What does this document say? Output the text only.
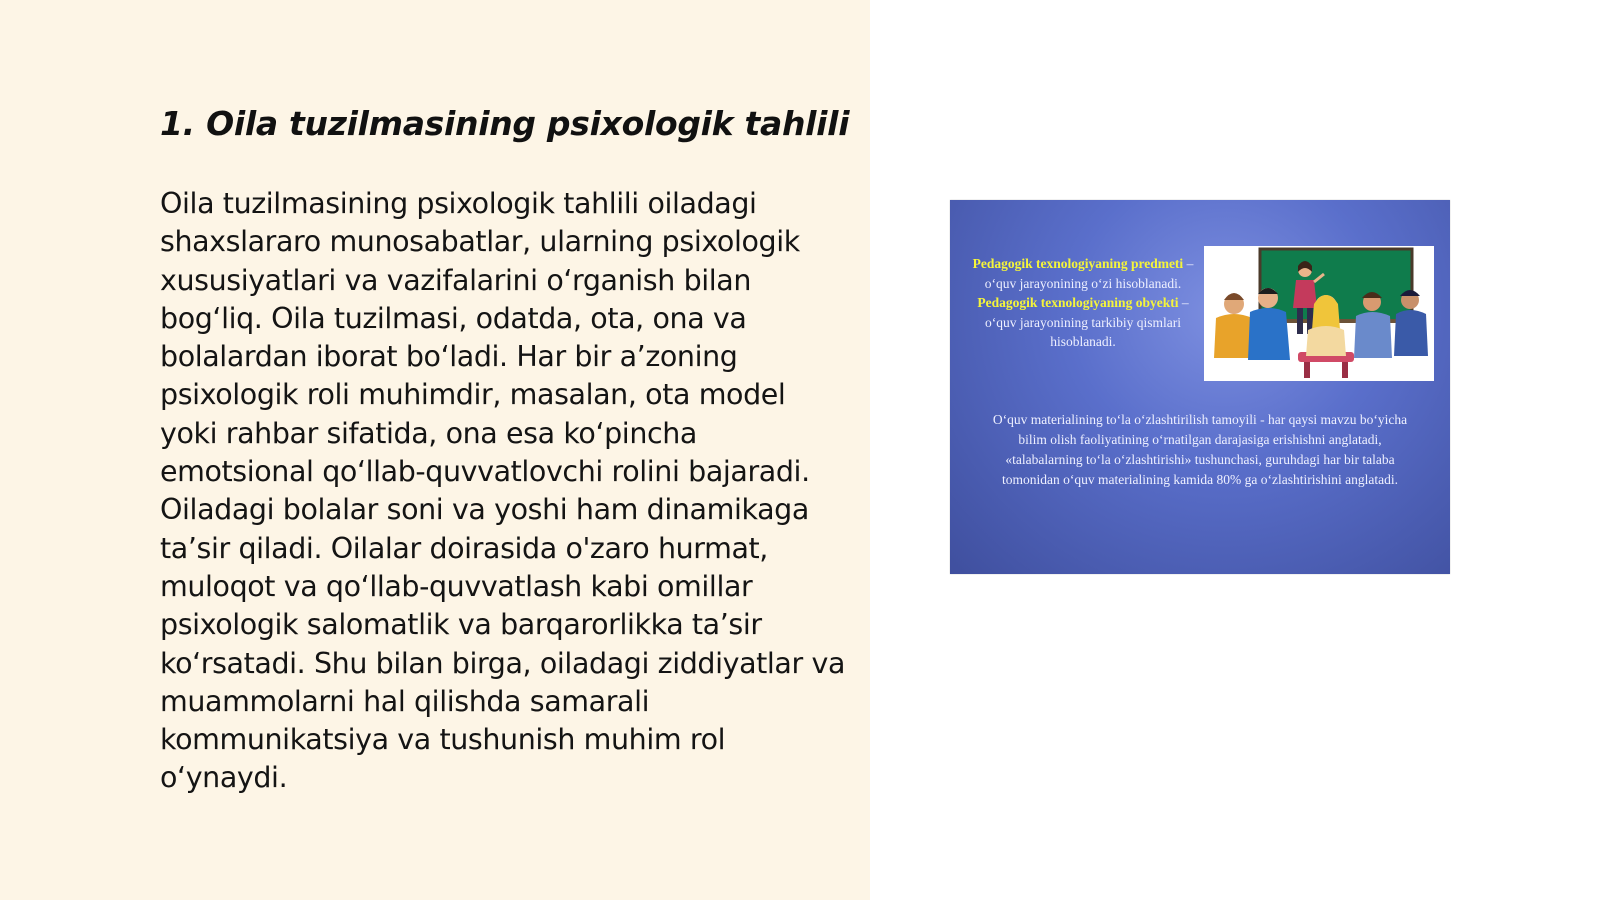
1. Oila tuzilmasining psixologik tahlili

Oila tuzilmasining psixologik tahlili oiladagi shaxslararo munosabatlar, ularning psixologik xususiyatlari va vazifalarini o‘rganish bilan bog‘liq. Oila tuzilmasi, odatda, ota, ona va bolalardan iborat bo‘ladi. Har bir a’zoning psixologik roli muhimdir, masalan, ota model yoki rahbar sifatida, ona esa ko‘pincha emotsional qo‘llab-quvvatlovchi rolini bajaradi. Oiladagi bolalar soni va yoshi ham dinamikaga ta’sir qiladi. Oilalar doirasida o'zaro hurmat, muloqot va qo‘llab-quvvatlash kabi omillar psixologik salomatlik va barqarorlikka ta’sir ko‘rsatadi. Shu bilan birga, oiladagi ziddiyatlar va muammolarni hal qilishda samarali kommunikatsiya va tushunish muhim rol o‘ynaydi.

Pedagogik texnologiyaning predmeti – o‘quv jarayonining o‘zi hisoblanadi.
Pedagogik texnologiyaning obyekti –o‘quv jarayonining tarkibiy qismlari hisoblanadi.
O‘quv materialining to‘la o‘zlashtirilish tamoyili - har qaysi mavzu bo‘yicha bilim olish faoliyatining o‘rnatilgan darajasiga erishishni anglatadi, «talabalarning to‘la o‘zlashtirishi» tushunchasi, guruhdagi har bir talaba tomonidan o‘quv materialining kamida 80% ga o‘zlashtirishini anglatadi.
